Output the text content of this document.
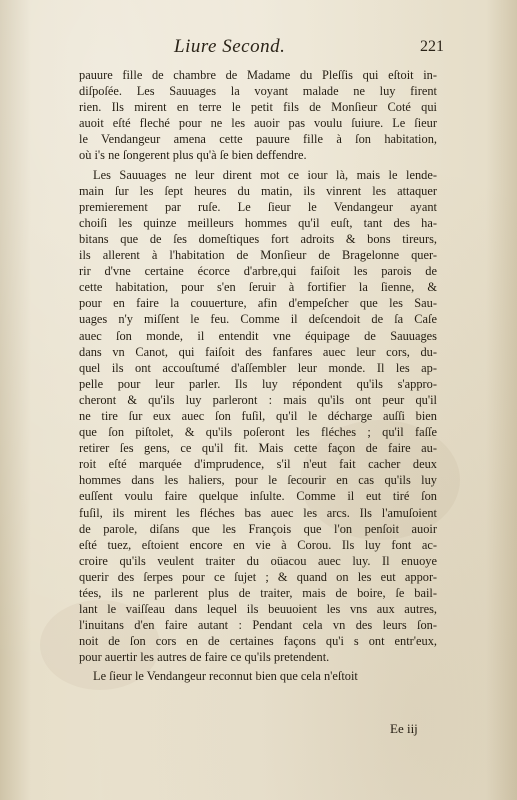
Liure Second.	221
pauure fille de chambre de Madame du Pleſſis qui eſtoit in-
diſpoſée. Les Sauuages la voyant malade ne luy firent
rien. Ils mirent en terre le petit fils de Monſieur Coté qui
auoit eſté fleché pour ne les auoir pas voulu ſuiure. Le ſieur
le Vendangeur amena cette pauure fille à ſon habitation,
où i's ne ſongerent plus qu'à ſe bien deffendre.
Les Sauuages ne leur dirent mot ce iour là, mais le lende-
main ſur les ſept heures du matin, ils vinrent les attaquer
premierement par ruſe. Le ſieur le Vendangeur ayant
choiſi les quinze meilleurs hommes qu'il euſt, tant des ha-
bitans que de ſes domeſtiques fort adroits & bons tireurs,
ils allerent à l'habitation de Monſieur de Bragelonne quer-
rir d'vne certaine écorce d'arbre,qui faiſoit les parois de
cette habitation, pour s'en ſeruir à fortifier la ſienne, &
pour en faire la couuerture, afin d'empeſcher que les Sau-
uages n'y miſſent le feu. Comme il deſcendoit de ſa Caſe
auec ſon monde, il entendit vne équipage de Sauuages
dans vn Canot, qui faiſoit des fanfares auec leur cors, du-
quel ils ont accouſtumé d'aſſembler leur monde. Il les ap-
pelle pour leur parler. Ils luy répondent qu'ils s'appro-
cheront & qu'ils luy parleront : mais qu'ils ont peur qu'il
ne tire ſur eux auec ſon fuſil, qu'il le décharge auſſi bien
que ſon piſtolet, & qu'ils poſeront les fléches ; qu'il faſſe
retirer ſes gens, ce qu'il fit. Mais cette façon de faire au-
roit eſté marquée d'imprudence, s'il n'eut fait cacher deux
hommes dans les haliers, pour le ſecourir en cas qu'ils luy
euſſent voulu faire quelque inſulte. Comme il eut tiré ſon
fuſil, ils mirent les fléches bas auec les arcs. Ils l'amuſoient
de parole, diſans que les François que l'on penſoit auoir
eſté tuez, eſtoient encore en vie à Corou. Ils luy font ac-
croire qu'ils veulent traiter du oüacou auec luy. Il enuoye
querir des ſerpes pour ce ſujet ; & quand on les eut appor-
tées, ils ne parlerent plus de traiter, mais de boire, ſe bail-
lant le vaiſſeau dans lequel ils beuuoient les vns aux autres,
l'inuitans d'en faire autant : Pendant cela vn des leurs ſon-
noit de ſon cors en de certaines façons qu'i s ont entr'eux,
pour auertir les autres de faire ce qu'ils pretendent.
Le ſieur le Vendangeur reconnut bien que cela n'eſtoit
Ee iij
